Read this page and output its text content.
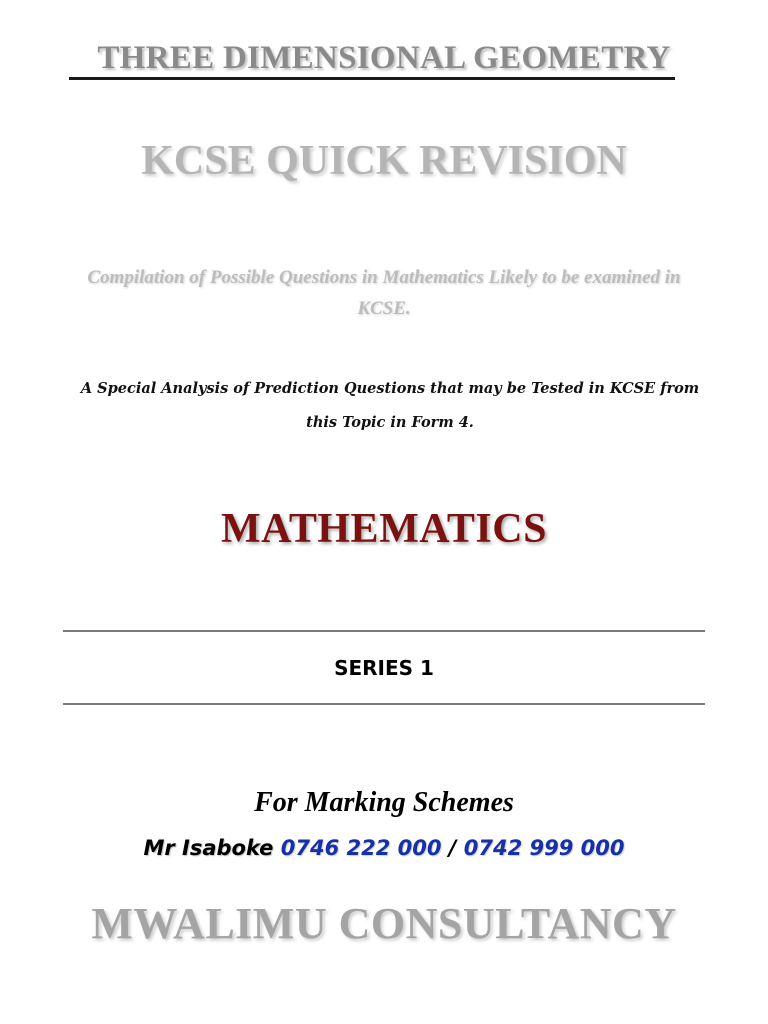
THREE DIMENSIONAL GEOMETRY
KCSE QUICK REVISION
Compilation of Possible Questions in Mathematics Likely to be examined in KCSE.
A Special Analysis of Prediction Questions that may be Tested in KCSE from this Topic in Form 4.
MATHEMATICS
SERIES 1
For Marking Schemes
Mr Isaboke 0746 222 000 / 0742 999 000
MWALIMU CONSULTANCY
